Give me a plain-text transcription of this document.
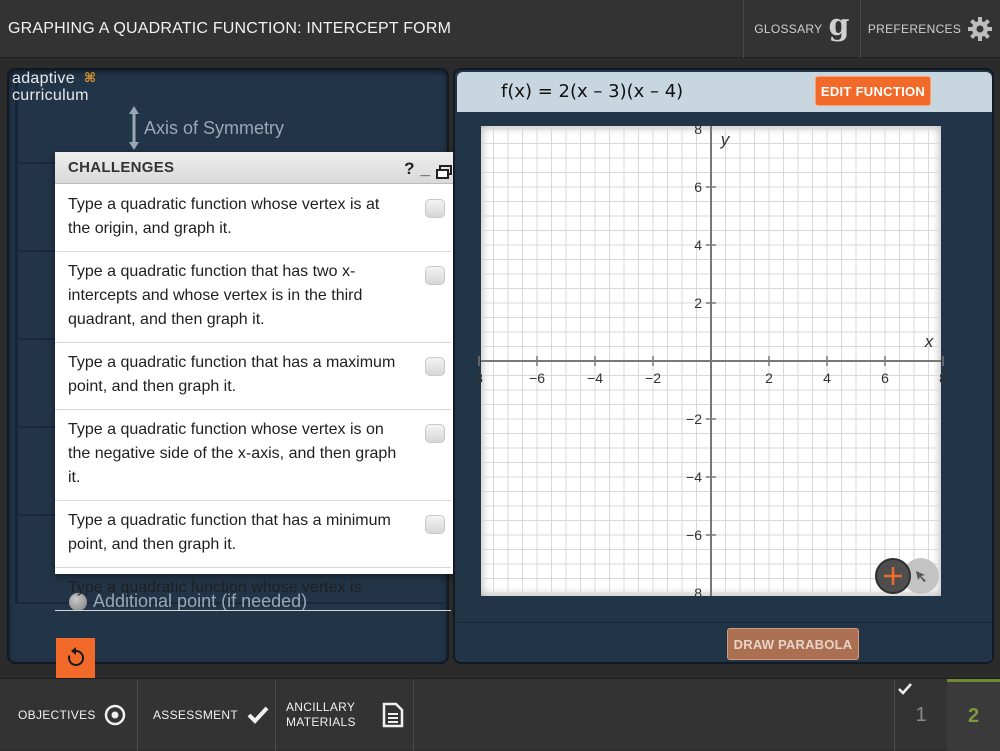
GRAPHING A QUADRATIC FUNCTION: INTERCEPT FORM	GLOSSARY g PREFERENCES
adaptive
curriculum
⌘
Axis of Symmetry
Additional point (if needed)
CHALLENGES	? _
Type a quadratic function whose vertex is at the origin, and graph it.
Type a quadratic function that has two x-intercepts and whose vertex is in the third quadrant, and then graph it.
Type a quadratic function that has a maximum point, and then graph it.
Type a quadratic function whose vertex is on the negative side of the x-axis, and then graph it.
Type a quadratic function that has a minimum point, and then graph it.
Type a quadratic function whose vertex is
f(x) = 2(x – 3)(x – 4)	EDIT FUNCTION
8	−6	−4	−2	2	4	6	8
6
4
2
−2
−4
−6
8
8
y
x
DRAW PARABOLA
OBJECTIVES	ASSESSMENT
ANCILLARY
MATERIALS	1	2
